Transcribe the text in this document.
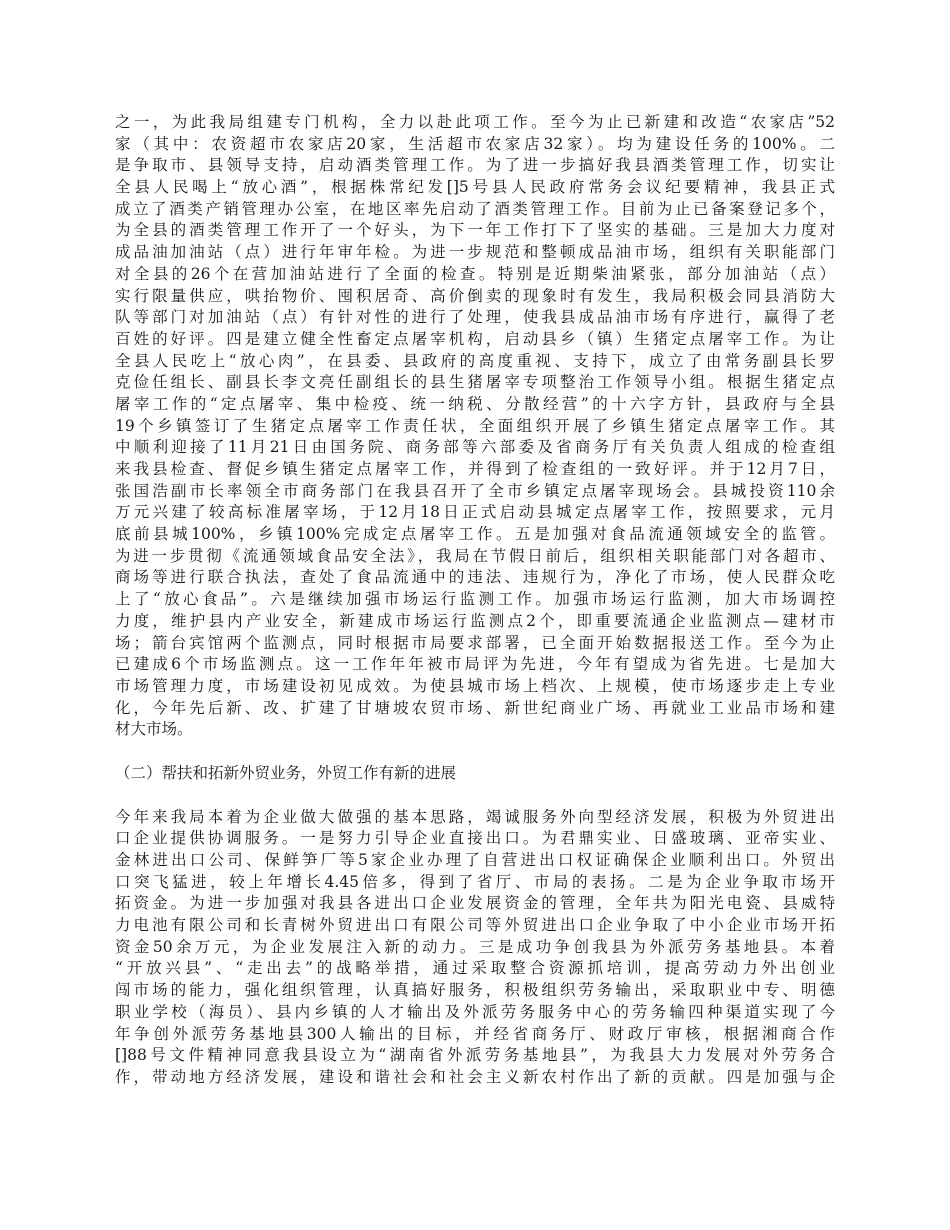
之一，为此我局组建专门机构，全力以赴此项工作。至今为止已新建和改造“农家店”52
家（其中：农资超市农家店20家，生活超市农家店32家）。均为建设任务的100%。二
是争取市、县领导支持，启动酒类管理工作。为了进一步搞好我县酒类管理工作，切实让
全县人民喝上“放心酒”，根据株常纪发[]5号县人民政府常务会议纪要精神，我县正式
成立了酒类产销管理办公室，在地区率先启动了酒类管理工作。目前为止已备案登记多个，
为全县的酒类管理工作开了一个好头，为下一年工作打下了坚实的基础。三是加大力度对
成品油加油站（点）进行年审年检。为进一步规范和整顿成品油市场，组织有关职能部门
对全县的26个在营加油站进行了全面的检查。特别是近期柴油紧张，部分加油站（点）
实行限量供应，哄抬物价、囤积居奇、高价倒卖的现象时有发生，我局积极会同县消防大
队等部门对加油站（点）有针对性的进行了处理，使我县成品油市场有序进行，赢得了老
百姓的好评。四是建立健全性畜定点屠宰机构，启动县乡（镇）生猪定点屠宰工作。为让
全县人民吃上“放心肉”，在县委、县政府的高度重视、支持下，成立了由常务副县长罗
克俭任组长、副县长李文亮任副组长的县生猪屠宰专项整治工作领导小组。根据生猪定点
屠宰工作的“定点屠宰、集中检疫、统一纳税、分散经营”的十六字方针，县政府与全县
19个乡镇签订了生猪定点屠宰工作责任状，全面组织开展了乡镇生猪定点屠宰工作。其
中顺利迎接了11月21日由国务院、商务部等六部委及省商务厅有关负责人组成的检查组
来我县检查、督促乡镇生猪定点屠宰工作，并得到了检查组的一致好评。并于12月7日，
张国浩副市长率领全市商务部门在我县召开了全市乡镇定点屠宰现场会。县城投资110余
万元兴建了较高标准屠宰场，于12月18日正式启动县城定点屠宰工作，按照要求，元月
底前县城100%，乡镇100%完成定点屠宰工作。五是加强对食品流通领域安全的监管。
为进一步贯彻《流通领域食品安全法》，我局在节假日前后，组织相关职能部门对各超市、
商场等进行联合执法，查处了食品流通中的违法、违规行为，净化了市场，使人民群众吃
上了“放心食品”。六是继续加强市场运行监测工作。加强市场运行监测，加大市场调控
力度，维护县内产业安全，新建成市场运行监测点2个，即重要流通企业监测点—建材市
场；箭台宾馆两个监测点，同时根据市局要求部署，已全面开始数据报送工作。至今为止
已建成6个市场监测点。这一工作年年被市局评为先进，今年有望成为省先进。七是加大
市场管理力度，市场建设初见成效。为使县城市场上档次、上规模，使市场逐步走上专业
化，今年先后新、改、扩建了甘塘坡农贸市场、新世纪商业广场、再就业工业品市场和建
材大市场。
（二）帮扶和拓新外贸业务，外贸工作有新的进展
今年来我局本着为企业做大做强的基本思路，竭诚服务外向型经济发展，积极为外贸进出
口企业提供协调服务。一是努力引导企业直接出口。为君鼎实业、日盛玻璃、亚帝实业、
金林进出口公司、保鲜笋厂等5家企业办理了自营进出口权证确保企业顺利出口。外贸出
口突飞猛进，较上年增长4.45倍多，得到了省厅、市局的表扬。二是为企业争取市场开
拓资金。为进一步加强对我县各进出口企业发展资金的管理，全年共为阳光电瓷、县威特
力电池有限公司和长青树外贸进出口有限公司等外贸进出口企业争取了中小企业市场开拓
资金50余万元，为企业发展注入新的动力。三是成功争创我县为外派劳务基地县。本着
“开放兴县”、“走出去”的战略举措，通过采取整合资源抓培训，提高劳动力外出创业
闯市场的能力，强化组织管理，认真搞好服务，积极组织劳务输出，采取职业中专、明德
职业学校（海员）、县内乡镇的人才输出及外派劳务服务中心的劳务输四种渠道实现了今
年争创外派劳务基地县300人输出的目标，并经省商务厅、财政厅审核，根据湘商合作
[]88号文件精神同意我县设立为“湖南省外派劳务基地县”，为我县大力发展对外劳务合
作，带动地方经济发展，建设和谐社会和社会主义新农村作出了新的贡献。四是加强与企
